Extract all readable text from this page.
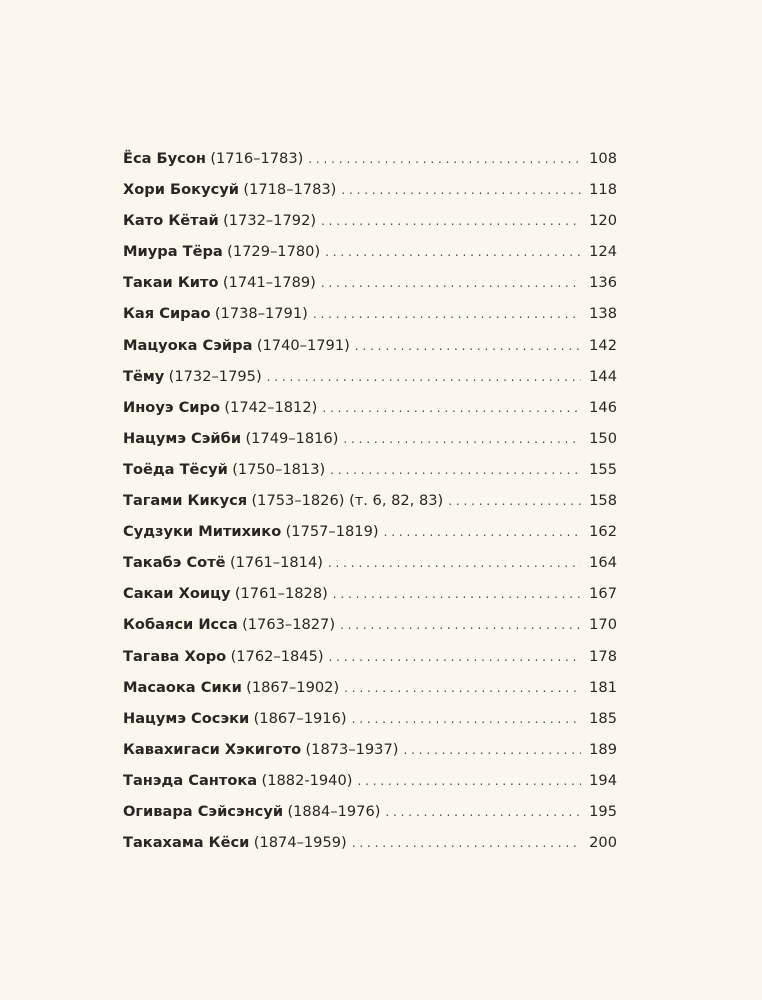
Ёса Бусон (1716–1783) . . .	108
Хори Бокусуй (1718–1783) . . .	118
Като Кётай (1732–1792) . . .	120
Миура Тёра (1729–1780) . . .	124
Такаи Кито (1741–1789) . . .	136
Кая Сирао (1738–1791) . . .	138
Мацуока Сэйра (1740–1791) . . .	142
Тёму (1732–1795) . . .	144
Иноуэ Сиро (1742–1812) . . .	146
Нацумэ Сэйби (1749–1816) . . .	150
Тоёда Тёсуй (1750–1813) . . .	155
Тагами Кикуся (1753–1826) (т. 6, 82, 83) . . .	158
Судзуки Митихико (1757–1819) . . .	162
Такабэ Сотё (1761–1814) . . .	164
Сакаи Хоицу (1761–1828) . . .	167
Кобаяси Исса (1763–1827) . . .	170
Тагава Хоро (1762–1845) . . .	178
Масаока Сики (1867–1902) . . .	181
Нацумэ Сосэки (1867–1916) . . .	185
Кавахигаси Хэкигото (1873–1937) . . .	189
Танэда Сантока (1882-1940) . . .	194
Огивара Сэйсэнсуй (1884–1976) . . .	195
Такахама Кёси (1874–1959) . . .	200
